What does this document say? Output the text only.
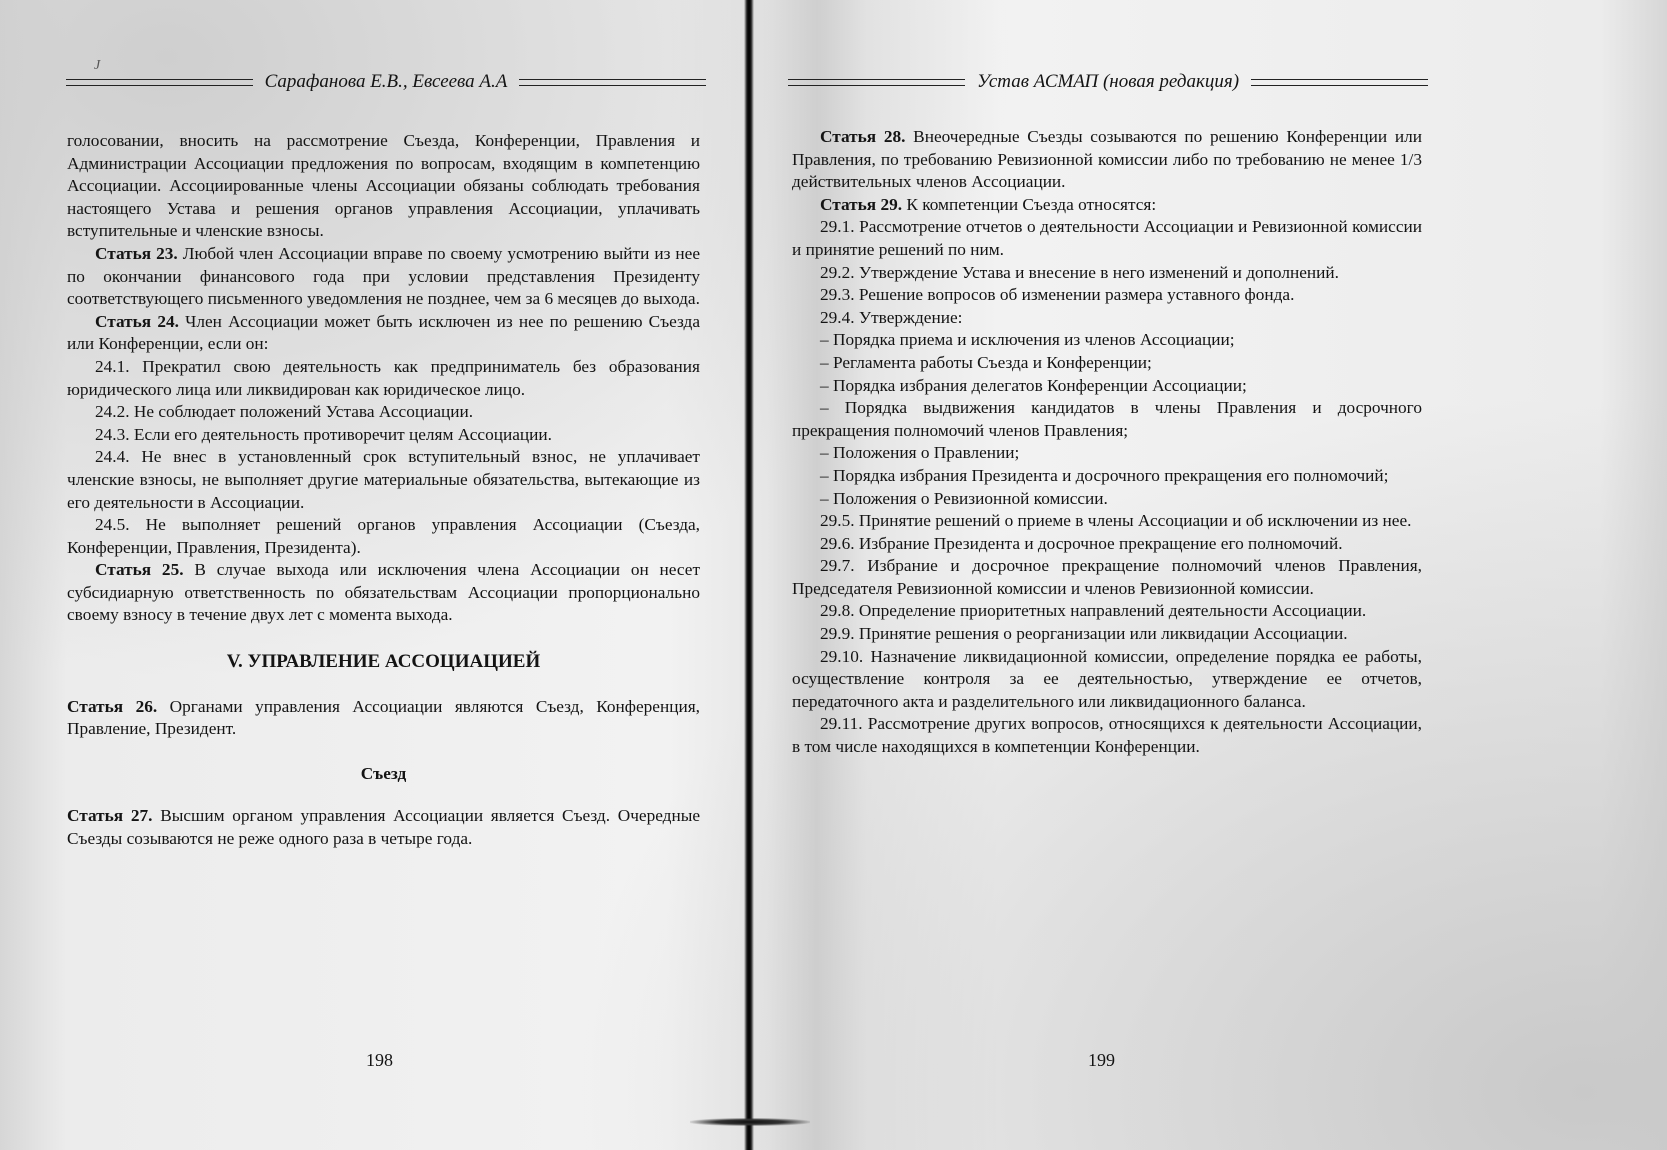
J
Сарафанова Е.В., Евсеева А.А

голосовании, вносить на рассмотрение Съезда, Конференции, Правления и Администрации Ассоциации предложения по вопросам, входящим в компетенцию Ассоциации. Ассоциированные члены Ассоциации обязаны соблюдать требования настоящего Устава и решения органов управления Ассоциации, уплачивать вступительные и членские взносы.

Статья 23. Любой член Ассоциации вправе по своему усмотрению выйти из нее по окончании финансового года при условии представления Президенту соответствующего письменного уведомления не позднее, чем за 6 месяцев до выхода.

Статья 24. Член Ассоциации может быть исключен из нее по решению Съезда или Конференции, если он:

24.1. Прекратил свою деятельность как предприниматель без образования юридического лица или ликвидирован как юридическое лицо.

24.2. Не соблюдает положений Устава Ассоциации.

24.3. Если его деятельность противоречит целям Ассоциации.

24.4. Не внес в установленный срок вступительный взнос, не уплачивает членские взносы, не выполняет другие материальные обязательства, вытекающие из его деятельности в Ассоциации.

24.5. Не выполняет решений органов управления Ассоциации (Съезда, Конференции, Правления, Президента).

Статья 25. В случае выхода или исключения члена Ассоциации он несет субсидиарную ответственность по обязательствам Ассоциации пропорционально своему взносу в течение двух лет с момента выхода.

V. УПРАВЛЕНИЕ АССОЦИАЦИЕЙ

Статья 26. Органами управления Ассоциации являются Съезд, Конференция, Правление, Президент.

Съезд

Статья 27. Высшим органом управления Ассоциации является Съезд. Очередные Съезды созываются не реже одного раза в четыре года.

198
Устав АСМАП (новая редакция)

Статья 28. Внеочередные Съезды созываются по решению Конференции или Правления, по требованию Ревизионной комиссии либо по требованию не менее 1/3 действительных членов Ассоциации.

Статья 29. К компетенции Съезда относятся:

29.1. Рассмотрение отчетов о деятельности Ассоциации и Ревизионной комиссии и принятие решений по ним.

29.2. Утверждение Устава и внесение в него изменений и дополнений.

29.3. Решение вопросов об изменении размера уставного фонда.

29.4. Утверждение:

– Порядка приема и исключения из членов Ассоциации;

– Регламента работы Съезда и Конференции;

– Порядка избрания делегатов Конференции Ассоциации;

– Порядка выдвижения кандидатов в члены Правления и досрочного прекращения полномочий членов Правления;

– Положения о Правлении;

– Порядка избрания Президента и досрочного прекращения его полномочий;

– Положения о Ревизионной комиссии.

29.5. Принятие решений о приеме в члены Ассоциации и об исключении из нее.

29.6. Избрание Президента и досрочное прекращение его полномочий.

29.7. Избрание и досрочное прекращение полномочий членов Правления, Председателя Ревизионной комиссии и членов Ревизионной комиссии.

29.8. Определение приоритетных направлений деятельности Ассоциации.

29.9. Принятие решения о реорганизации или ликвидации Ассоциации.

29.10. Назначение ликвидационной комиссии, определение порядка ее работы, осуществление контроля за ее деятельностью, утверждение ее отчетов, передаточного акта и разделительного или ликвидационного баланса.

29.11. Рассмотрение других вопросов, относящихся к деятельности Ассоциации, в том числе находящихся в компетенции Конференции.

199
